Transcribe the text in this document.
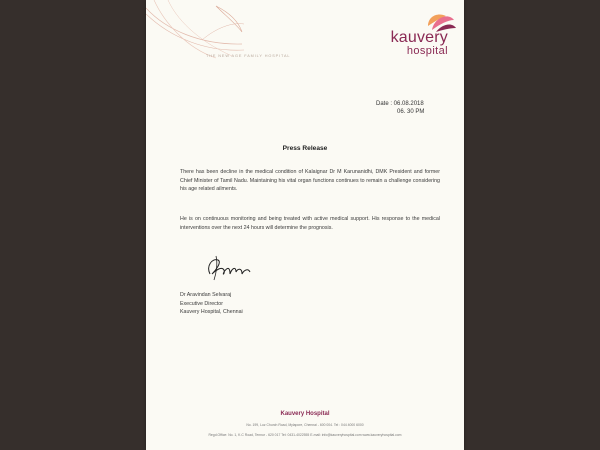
THE NEW AGE FAMILY HOSPITAL
kauvery
hospital
Date : 06.08.2018
06. 30 PM
Press Release
There has been decline in the medical condition of Kalaignar Dr M Karunanidhi, DMK President and former Chief Minister of Tamil Nadu. Maintaining his vital organ functions continues to remain a challenge considering his age related ailments.
He is on continuous monitoring and being treated with active medical support. His response to the medical interventions over the next 24 hours will determine the prognosis.
Dr Aravindan Selvaraj
Executive Director
Kauvery Hospital, Chennai
Kauvery Hospital
No. 199, Luz Church Road, Mylapore, Chennai - 600 004. Tel : 044 4000 6000
Regd.Office: No. 1, K.C Road, Tennur - 620 017 Tel: 0431-4022555 E-mail: info@kauveryhospital.com www.kauveryhospital.com
